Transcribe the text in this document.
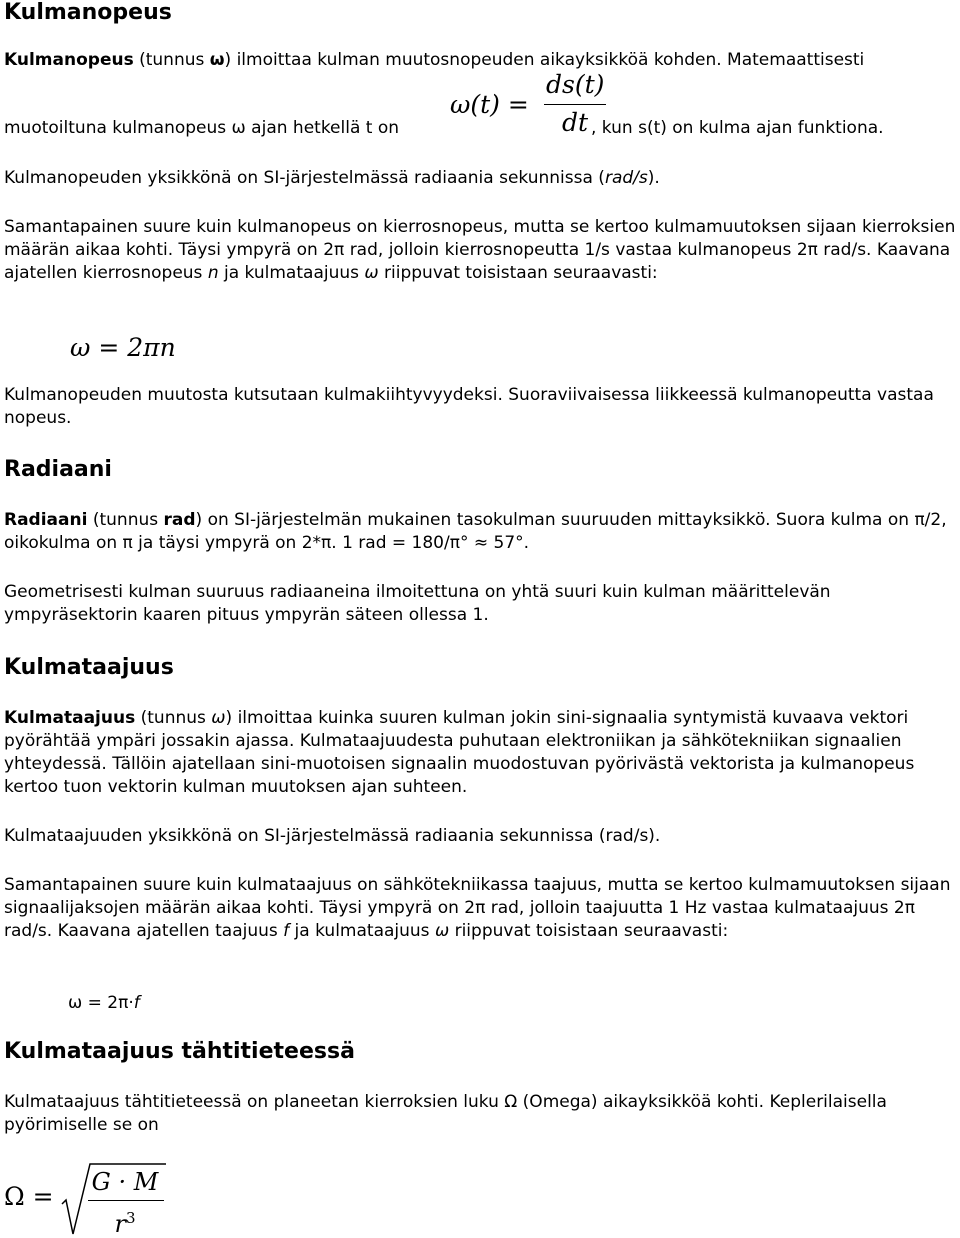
Kulmanopeus

Kulmanopeus (tunnus ω) ilmoittaa kulman muutosnopeuden aikayksikköä kohden. Matemaattisesti

muotoiltuna kulmanopeus ω ajan hetkellä t on

ω(t) =
ds(t)
dt , kun s(t) on kulma ajan funktiona.

Kulmanopeuden yksikkönä on SI-järjestelmässä radiaania sekunnissa (rad/s).

Samantapainen suure kuin kulmanopeus on kierrosnopeus, mutta se kertoo kulmamuutoksen sijaan kierroksien määrän aikaa kohti. Täysi ympyrä on 2π rad, jolloin kierrosnopeutta 1/s vastaa kulmanopeus 2π rad/s. Kaavana ajatellen kierrosnopeus n ja kulmataajuus ω riippuvat toisistaan seuraavasti:

ω = 2πn

Kulmanopeuden muutosta kutsutaan kulmakiihtyvyydeksi. Suoraviivaisessa liikkeessä kulmanopeutta vastaa nopeus.

Radiaani

Radiaani (tunnus rad) on SI-järjestelmän mukainen tasokulman suuruuden mittayksikkö. Suora kulma on π/2, oikokulma on π ja täysi ympyrä on 2*π. 1 rad = 180/π° ≈ 57°.

Geometrisesti kulman suuruus radiaaneina ilmoitettuna on yhtä suuri kuin kulman määrittelevän ympyräsektorin kaaren pituus ympyrän säteen ollessa 1.

Kulmataajuus

Kulmataajuus (tunnus ω) ilmoittaa kuinka suuren kulman jokin sini-signaalia syntymistä kuvaava vektori pyörähtää ympäri jossakin ajassa. Kulmataajuudesta puhutaan elektroniikan ja sähkötekniikan signaalien yhteydessä. Tällöin ajatellaan sini-muotoisen signaalin muodostuvan pyörivästä vektorista ja kulmanopeus kertoo tuon vektorin kulman muutoksen ajan suhteen.

Kulmataajuuden yksikkönä on SI-järjestelmässä radiaania sekunnissa (rad/s).

Samantapainen suure kuin kulmataajuus on sähkötekniikassa taajuus, mutta se kertoo kulmamuutoksen sijaan signaalijaksojen määrän aikaa kohti. Täysi ympyrä on 2π rad, jolloin taajuutta 1 Hz vastaa kulmataajuus 2π rad/s. Kaavana ajatellen taajuus f ja kulmataajuus ω riippuvat toisistaan seuraavasti:

ω = 2π·f

Kulmataajuus tähtitieteessä

Kulmataajuus tähtitieteessä on planeetan kierroksien luku Ω (Omega) aikayksikköä kohti. Keplerilaisella pyörimiselle se on

Ω = G · M
$r^3$
